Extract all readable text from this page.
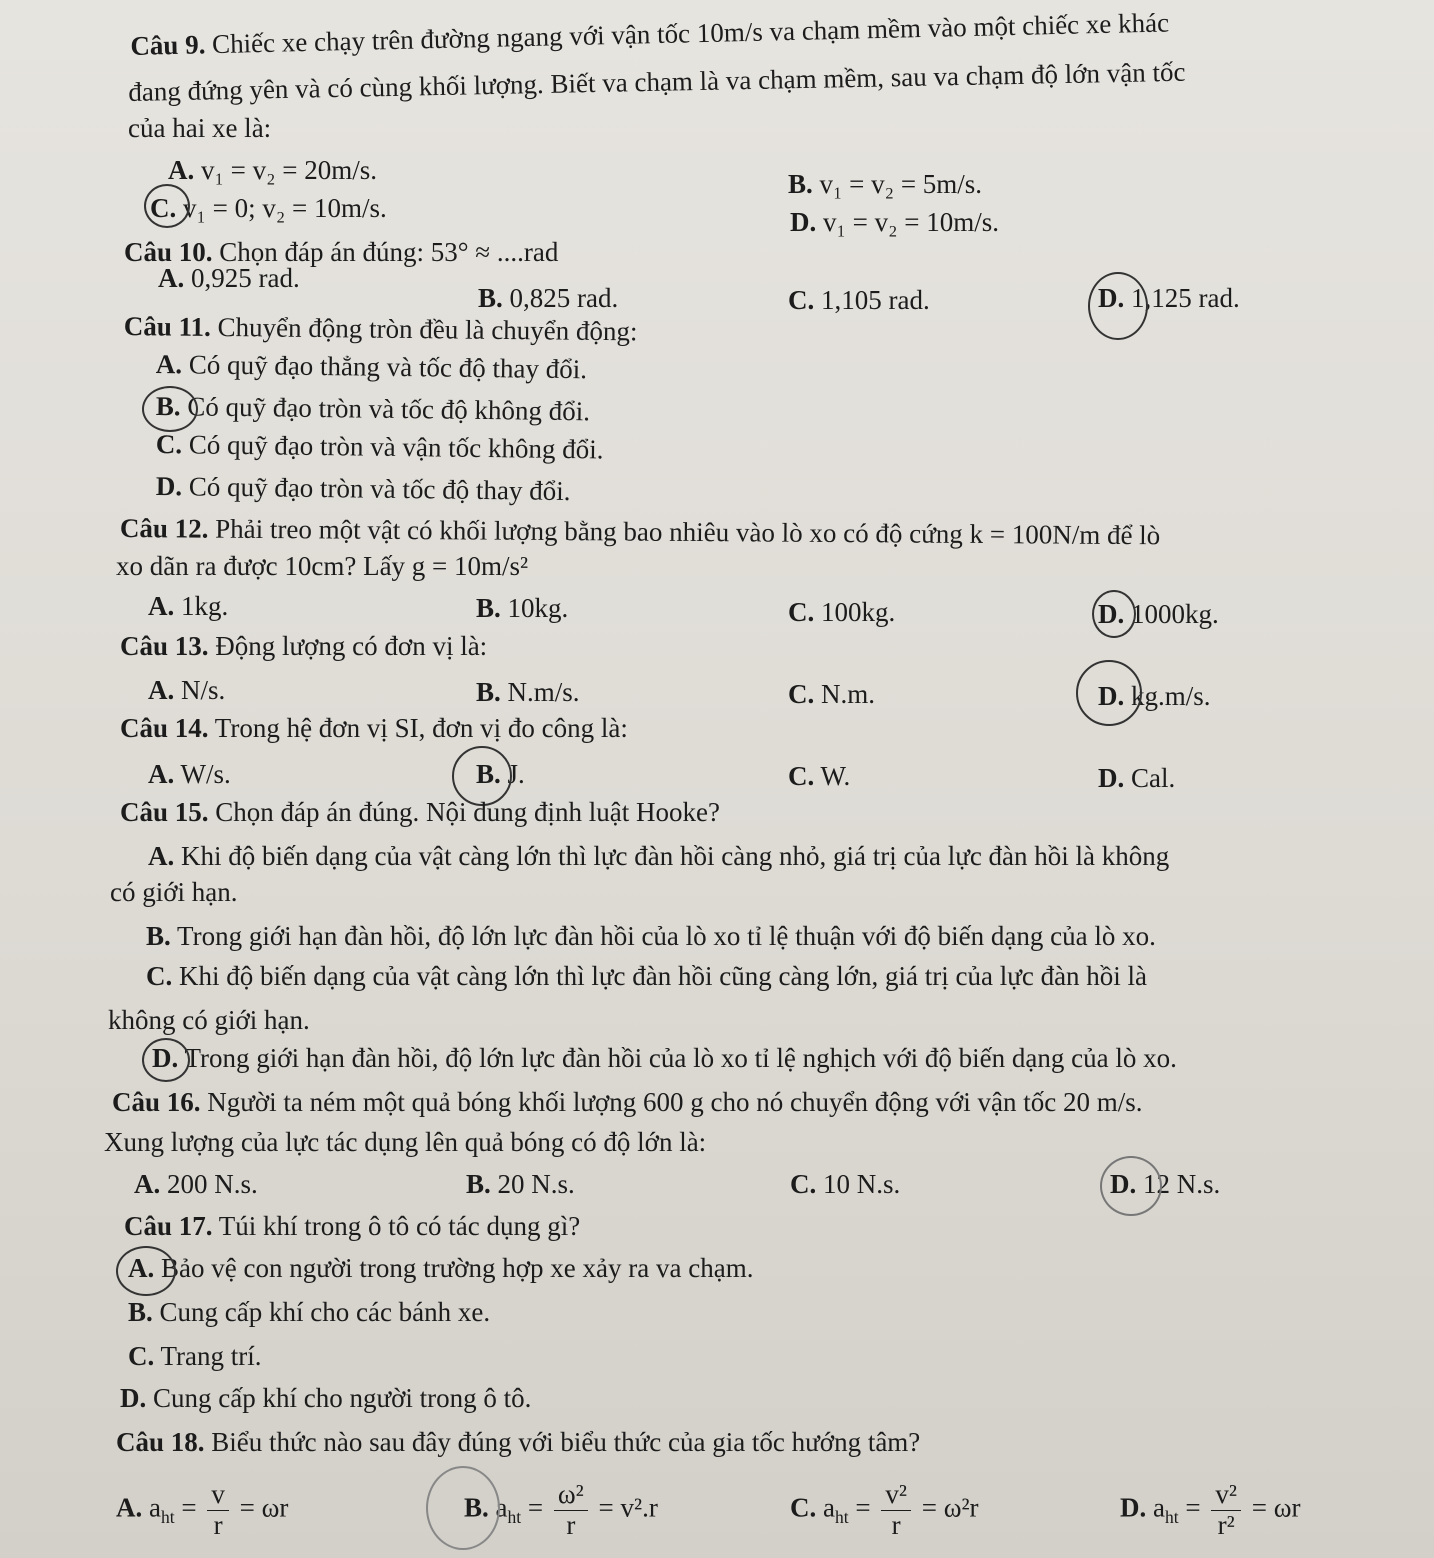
Câu 9. Chiếc xe chạy trên đường ngang với vận tốc 10m/s va chạm mềm vào một chiếc xe khác
đang đứng yên và có cùng khối lượng. Biết va chạm là va chạm mềm, sau va chạm độ lớn vận tốc
của hai xe là:
A. v₁ = v₂ = 20m/s.	B. v₁ = v₂ = 5m/s.
C. v₁ = 0; v₂ = 10m/s.	D. v₁ = v₂ = 10m/s.
Câu 10. Chọn đáp án đúng: 53° ≈ ....rad
A. 0,925 rad.
B. 0,825 rad.	C. 1,105 rad.	D. 1,125 rad.
Câu 11. Chuyển động tròn đều là chuyển động:
A. Có quỹ đạo thẳng và tốc độ thay đổi.
B. Có quỹ đạo tròn và tốc độ không đổi.
C. Có quỹ đạo tròn và vận tốc không đổi.
D. Có quỹ đạo tròn và tốc độ thay đổi.
Câu 12. Phải treo một vật có khối lượng bằng bao nhiêu vào lò xo có độ cứng k = 100N/m để lò
xo dãn ra được 10cm? Lấy g = 10m/s²
A. 1kg.	B. 10kg.	C. 100kg.	D. 1000kg.
Câu 13. Động lượng có đơn vị là:
A. N/s.	B. N.m/s.	C. N.m.	D. kg.m/s.
Câu 14. Trong hệ đơn vị SI, đơn vị đo công là:
A. W/s.	B. J.	C. W.	D. Cal.
Câu 15. Chọn đáp án đúng. Nội dung định luật Hooke?
A. Khi độ biến dạng của vật càng lớn thì lực đàn hồi càng nhỏ, giá trị của lực đàn hồi là không
có giới hạn.
B. Trong giới hạn đàn hồi, độ lớn lực đàn hồi của lò xo tỉ lệ thuận với độ biến dạng của lò xo.
C. Khi độ biến dạng của vật càng lớn thì lực đàn hồi cũng càng lớn, giá trị của lực đàn hồi là
không có giới hạn.
D. Trong giới hạn đàn hồi, độ lớn lực đàn hồi của lò xo tỉ lệ nghịch với độ biến dạng của lò xo.
Câu 16. Người ta ném một quả bóng khối lượng 600 g cho nó chuyển động với vận tốc 20 m/s.
Xung lượng của lực tác dụng lên quả bóng có độ lớn là:
A. 200 N.s.	B. 20 N.s.	C. 10 N.s.	D. 12 N.s.
Câu 17. Túi khí trong ô tô có tác dụng gì?
A. Bảo vệ con người trong trường hợp xe xảy ra va chạm.
B. Cung cấp khí cho các bánh xe.
C. Trang trí.
D. Cung cấp khí cho người trong ô tô.
Câu 18. Biểu thức nào sau đây đúng với biểu thức của gia tốc hướng tâm?
A. $a_{ht} = \frac{v}{r} = \omega r$	B. $a_{ht} = \frac{\text{ω²}}{r} = v^2.r$	C. $a_{ht} = \frac{\text{v²}}{r} = \omega^2r$	D. $a_{ht} = \frac{\text{v²}}{\text{r²}} = \omega r$
